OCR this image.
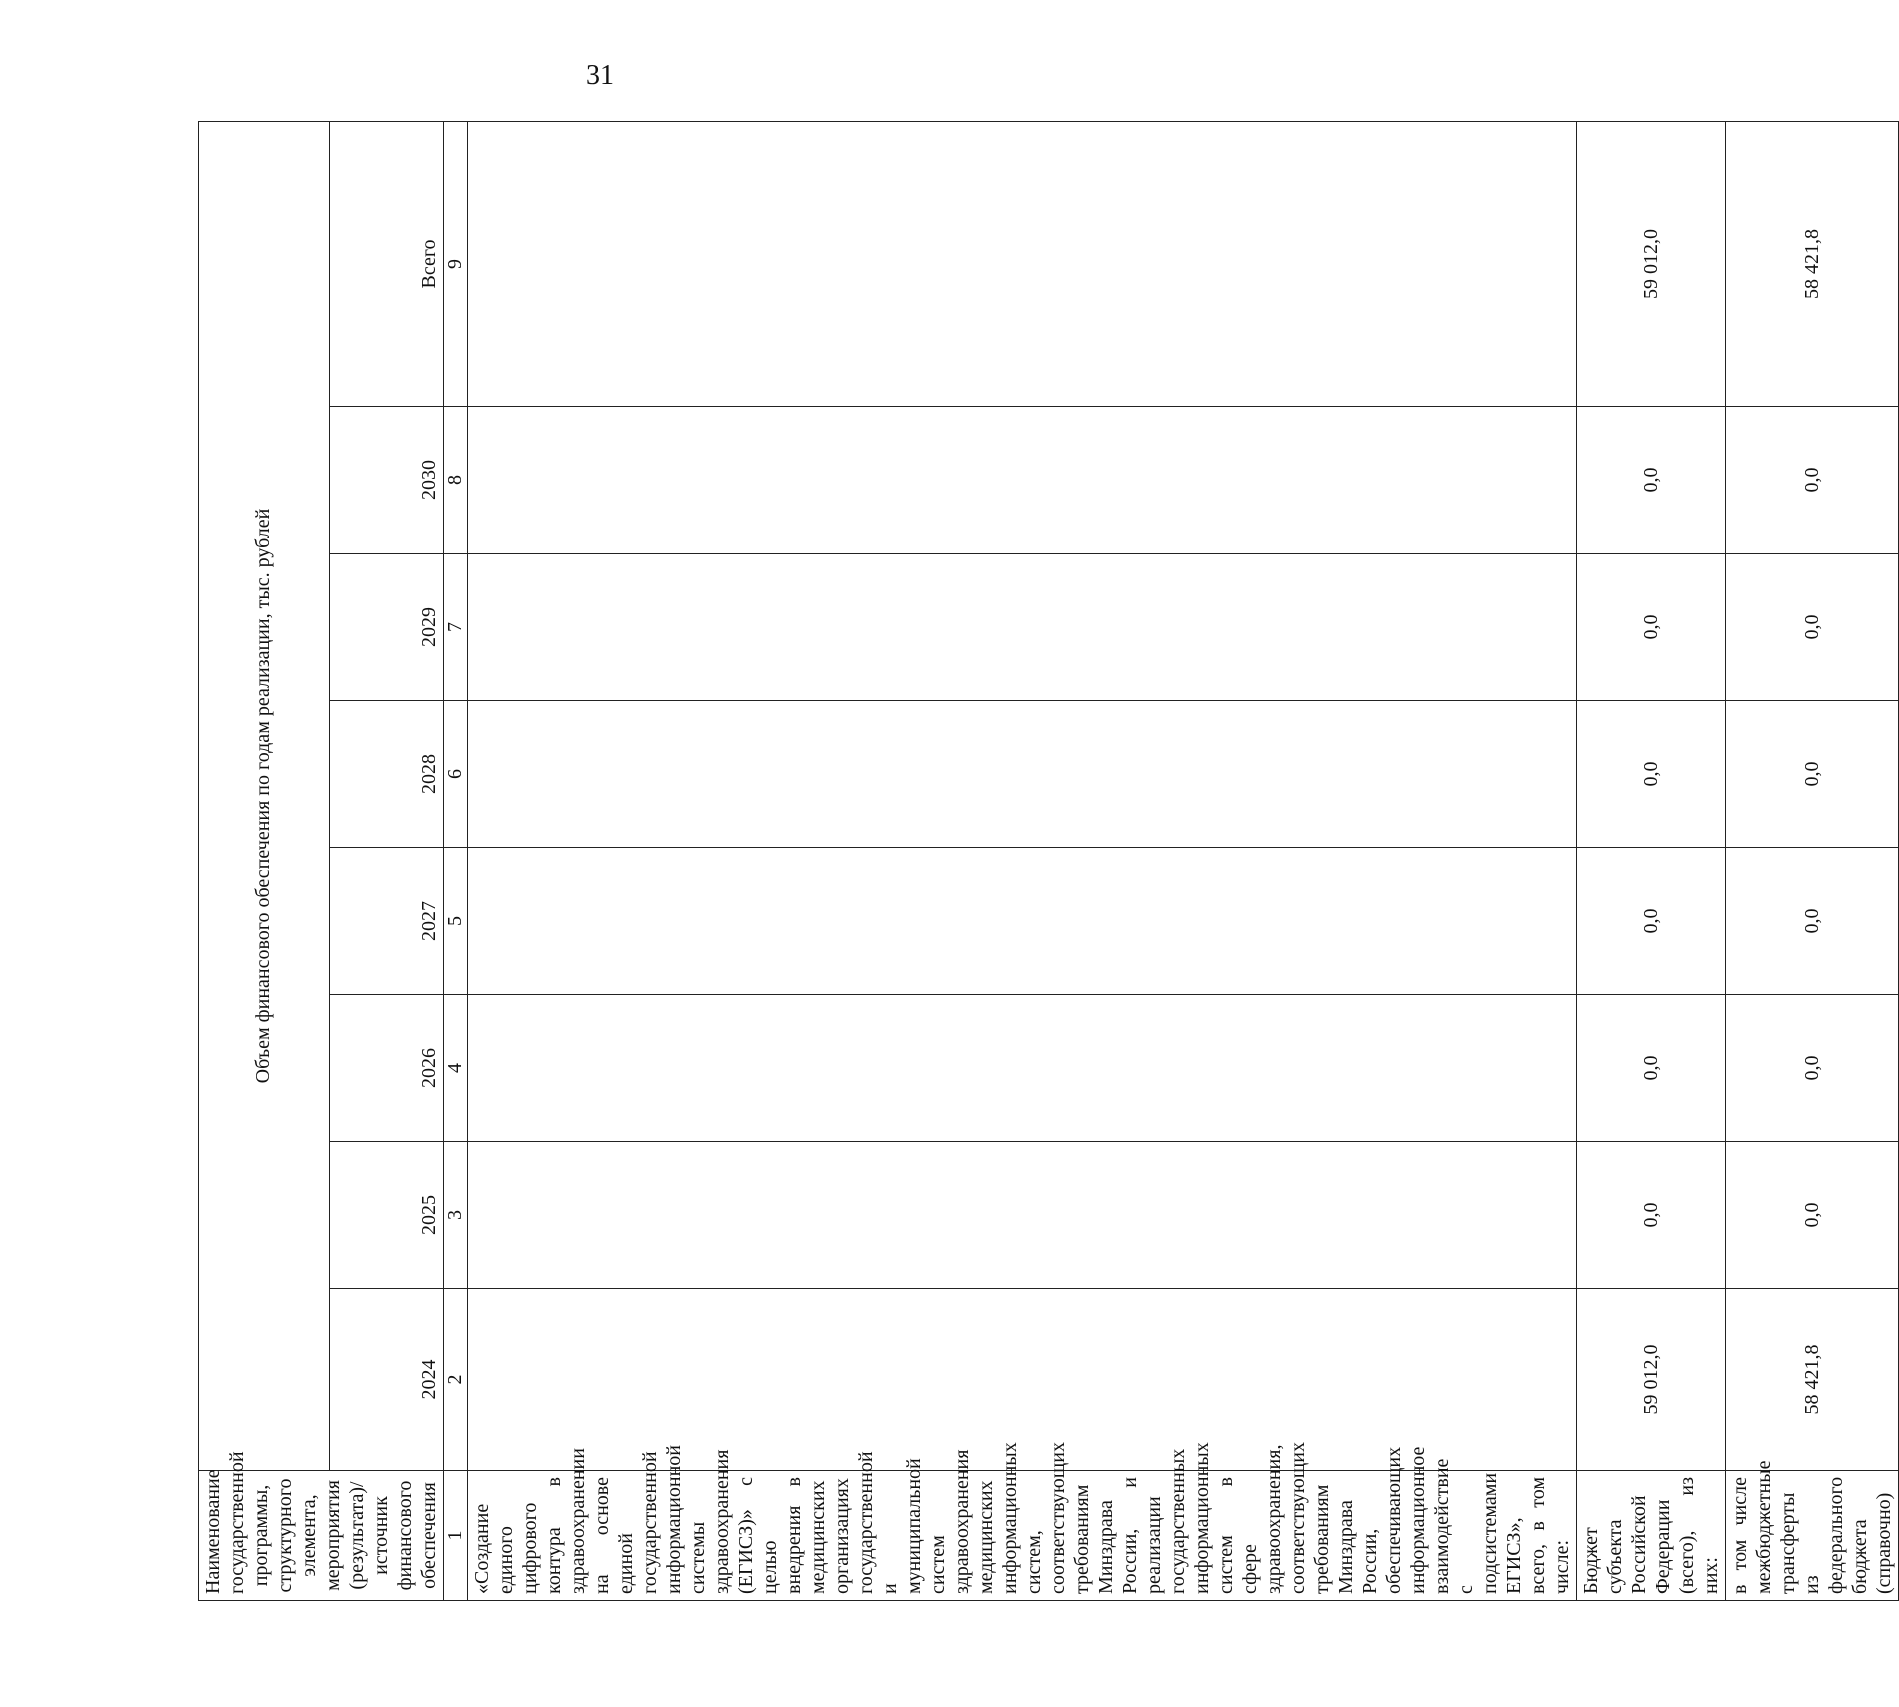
31
Наименование государственной программы, структурного элемента, мероприятия (результата)/источник финансового обеспечения	Объем финансового обеспечения по годам реализации, тыс. рублей							
	2024	2025	2026	2027	2028	2029	2030	Всего
1	2	3	4	5	6	7	8	9
«Создание единого цифрового контура в здравоохранении на основе единой государственной информационной системы здравоохранения (ЕГИСЗ)» с целью внедрения в медицинских организациях государственной и муниципальной систем здравоохранения медицинских информационных систем, соответствующих требованиям Минздрава России, и реализации государственных информационных систем в сфере здравоохранения, соответствующих требованиям Минздрава России, обеспечивающих информационное взаимодействие с подсистемами ЕГИСЗ», всего, в том числе:								
Бюджет субъекта Российской Федерации (всего), из них:	59 012,0	0,0	0,0	0,0	0,0	0,0	0,0	59 012,0
в том числе межбюджетные трансферты из федерального бюджета (справочно)	58 421,8	0,0	0,0	0,0	0,0	0,0	0,0	58 421,8
